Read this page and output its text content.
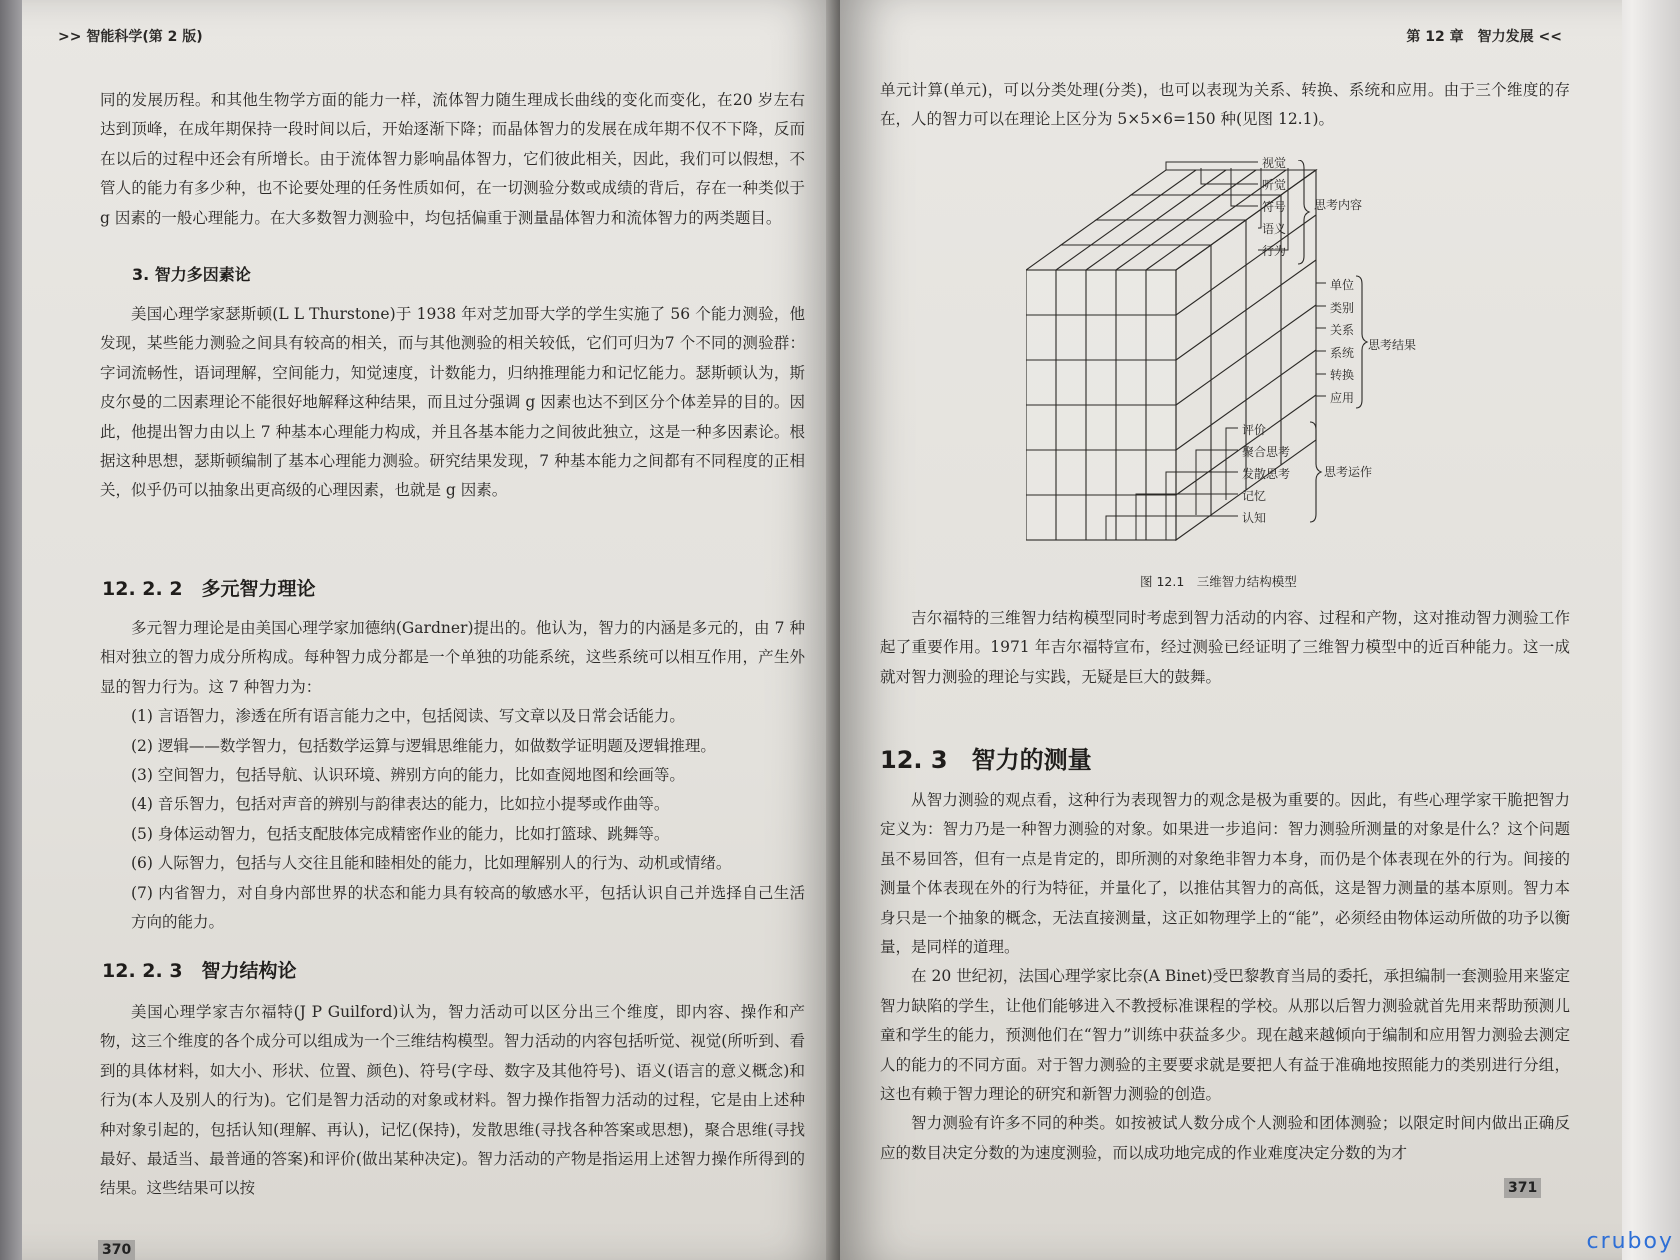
>> 智能科学(第 2 版)

同的发展历程。和其他生物学方面的能力一样，流体智力随生理成长曲线的变化而变化，在20 岁左右达到顶峰，在成年期保持一段时间以后，开始逐渐下降；而晶体智力的发展在成年期不仅不下降，反而在以后的过程中还会有所增长。由于流体智力影响晶体智力，它们彼此相关，因此，我们可以假想，不管人的能力有多少种，也不论要处理的任务性质如何，在一切测验分数或成绩的背后，存在一种类似于 g 因素的一般心理能力。在大多数智力测验中，均包括偏重于测量晶体智力和流体智力的两类题目。

3. 智力多因素论

美国心理学家瑟斯顿(L L Thurstone)于 1938 年对芝加哥大学的学生实施了 56 个能力测验，他发现，某些能力测验之间具有较高的相关，而与其他测验的相关较低，它们可归为7 个不同的测验群：字词流畅性，语词理解，空间能力，知觉速度，计数能力，归纳推理能力和记忆能力。瑟斯顿认为，斯皮尔曼的二因素理论不能很好地解释这种结果，而且过分强调 g 因素也达不到区分个体差异的目的。因此，他提出智力由以上 7 种基本心理能力构成，并且各基本能力之间彼此独立，这是一种多因素论。根据这种思想，瑟斯顿编制了基本心理能力测验。研究结果发现，7 种基本能力之间都有不同程度的正相关，似乎仍可以抽象出更高级的心理因素，也就是 g 因素。

12. 2. 2　多元智力理论

多元智力理论是由美国心理学家加德纳(Gardner)提出的。他认为，智力的内涵是多元的，由 7 种相对独立的智力成分所构成。每种智力成分都是一个单独的功能系统，这些系统可以相互作用，产生外显的智力行为。这 7 种智力为：

(1) 言语智力，渗透在所有语言能力之中，包括阅读、写文章以及日常会话能力。

(2) 逻辑——数学智力，包括数学运算与逻辑思维能力，如做数学证明题及逻辑推理。

(3) 空间智力，包括导航、认识环境、辨别方向的能力，比如查阅地图和绘画等。

(4) 音乐智力，包括对声音的辨别与韵律表达的能力，比如拉小提琴或作曲等。

(5) 身体运动智力，包括支配肢体完成精密作业的能力，比如打篮球、跳舞等。

(6) 人际智力，包括与人交往且能和睦相处的能力，比如理解别人的行为、动机或情绪。

(7) 内省智力，对自身内部世界的状态和能力具有较高的敏感水平，包括认识自己并选择自己生活方向的能力。

12. 2. 3　智力结构论

美国心理学家吉尔福特(J P Guilford)认为，智力活动可以区分出三个维度，即内容、操作和产物，这三个维度的各个成分可以组成为一个三维结构模型。智力活动的内容包括听觉、视觉(所听到、看到的具体材料，如大小、形状、位置、颜色)、符号(字母、数字及其他符号)、语义(语言的意义概念)和行为(本人及别人的行为)。它们是智力活动的对象或材料。智力操作指智力活动的过程，它是由上述种种对象引起的，包括认知(理解、再认)，记忆(保持)，发散思维(寻找各种答案或思想)，聚合思维(寻找最好、最适当、最普通的答案)和评价(做出某种决定)。智力活动的产物是指运用上述智力操作所得到的结果。这些结果可以按

370
第 12 章　智力发展 <<

单元计算(单元)，可以分类处理(分类)，也可以表现为关系、转换、系统和应用。由于三个维度的存在，人的智力可以在理论上区分为 5×5×6=150 种(见图 12.1)。

视觉
听觉
符号
语义
行为
思考内容
单位
类别
关系
系统
转换
应用
思考结果
评价
聚合思考
发散思考
记忆
认知
思考运作
图 12.1　三维智力结构模型

吉尔福特的三维智力结构模型同时考虑到智力活动的内容、过程和产物，这对推动智力测验工作起了重要作用。1971 年吉尔福特宣布，经过测验已经证明了三维智力模型中的近百种能力。这一成就对智力测验的理论与实践，无疑是巨大的鼓舞。

12. 3　智力的测量

从智力测验的观点看，这种行为表现智力的观念是极为重要的。因此，有些心理学家干脆把智力定义为：智力乃是一种智力测验的对象。如果进一步追问：智力测验所测量的对象是什么？这个问题虽不易回答，但有一点是肯定的，即所测的对象绝非智力本身，而仍是个体表现在外的行为。间接的测量个体表现在外的行为特征，并量化了，以推估其智力的高低，这是智力测量的基本原则。智力本身只是一个抽象的概念，无法直接测量，这正如物理学上的“能”，必须经由物体运动所做的功予以衡量，是同样的道理。

在 20 世纪初，法国心理学家比奈(A Binet)受巴黎教育当局的委托，承担编制一套测验用来鉴定智力缺陷的学生，让他们能够进入不教授标准课程的学校。从那以后智力测验就首先用来帮助预测儿童和学生的能力，预测他们在“智力”训练中获益多少。现在越来越倾向于编制和应用智力测验去测定人的能力的不同方面。对于智力测验的主要要求就是要把人有益于准确地按照能力的类别进行分组，这也有赖于智力理论的研究和新智力测验的创造。

智力测验有许多不同的种类。如按被试人数分成个人测验和团体测验；以限定时间内做出正确反应的数目决定分数的为速度测验，而以成功地完成的作业难度决定分数的为才

371
cruboy
